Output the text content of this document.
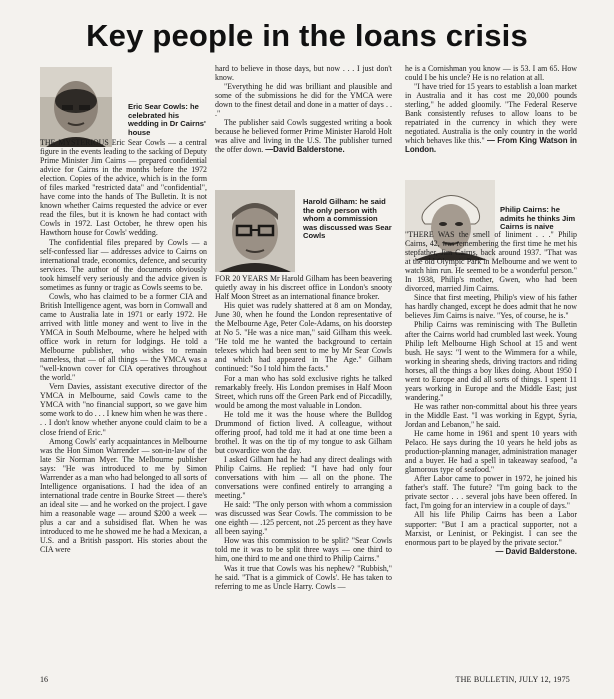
Key people in the loans crisis
Eric Sear Cowls: he celebrated his wedding in Dr Cairns' house

THE MYSTERIOUS Eric Sear Cowls — a central figure in the events leading to the sacking of Deputy Prime Minister Jim Cairns — prepared confidential advice for Cairns in the months before the 1972 election. Copies of the advice, which is in the form of files marked "restricted data" and "confidential", have come into the hands of The Bulletin. It is not known whether Cairns requested the advice or ever read the files, but it is known he had contact with Cowls in 1972. Last October, he threw open his Hawthorn house for Cowls' wedding.

The confidential files prepared by Cowls — a self-confessed liar — addresses advice to Cairns on international trade, economics, defence, and security services. The author of the documents obviously took himself very seriously and the advice given is sometimes as funny or tragic as Cowls seems to be.

Cowls, who has claimed to be a former CIA and British Intelligence agent, was born in Cornwall and came to Australia late in 1971 or early 1972. He arrived with little money and went to live in the YMCA in South Melbourne, where he helped with office work in return for lodgings. He told a Melbourne publisher, who wishes to remain nameless, that — of all things — the YMCA was a "well-known cover for CIA operatives throughout the world."

Vern Davies, assistant executive director of the YMCA in Melbourne, said Cowls came to the YMCA with "no financial support, so we gave him some work to do . . . I knew him when he was there . . . I don't know whether anyone could claim to be a close friend of Eric."

Among Cowls' early acquaintances in Melbourne was the Hon Simon Warrender — son-in-law of the late Sir Norman Myer. The Melbourne publisher says: "He was introduced to me by Simon Warrender as a man who had belonged to all sorts of Intelligence organisations. I had the idea of an international trade centre in Bourke Street — there's an ideal site — and he worked on the project. I gave him a reasonable wage — around $200 a week — plus a car and a subsidised flat. When he was introduced to me he showed me he had a Mexican, a U.S. and a British passport. His stories about the CIA were

hard to believe in those days, but now . . . I just don't know.

"Everything he did was brilliant and plausible and some of the submissions he did for the YMCA were down to the finest detail and done in a matter of days . . ."

The publisher said Cowls suggested writing a book because he believed former Prime Minister Harold Holt was alive and living in the U.S. The publisher turned the offer down. —David Balderstone.

Harold Gilham: he said the only person with whom a commission was discussed was Sear Cowls

FOR 20 YEARS Mr Harold Gilham has been beavering quietly away in his discreet office in London's snooty Half Moon Street as an international finance broker.

His quiet was rudely shattered at 8 am on Monday, June 30, when he found the London representative of the Melbourne Age, Peter Cole-Adams, on his doorstep at No 5. "He was a nice man," said Gilham this week. "He told me he wanted the background to certain telexes which had been sent to me by Mr Sear Cowls and which had appeared in The Age." Gilham continued: "So I told him the facts."

For a man who has sold exclusive rights he talked remarkably freely. His London premises in Half Moon Street, which runs off the Green Park end of Piccadilly, would be among the most valuable in London.

He told me it was the house where the Bulldog Drummond of fiction lived. A colleague, without offering proof, had told me it had at one time been a brothel. It was on the tip of my tongue to ask Gilham but cowardice won the day.

I asked Gilham had he had any direct dealings with Philip Cairns. He replied: "I have had only four conversations with him — all on the phone. The conversations were confined entirely to arranging a meeting."

He said: "The only person with whom a commission was discussed was Sear Cowls. The commission to be one eighth — .125 percent, not .25 percent as they have all been saying."

How was this commission to be split? "Sear Cowls told me it was to be split three ways — one third to him, one third to me and one third to Philip Cairns."

Was it true that Cowls was his nephew? "Rubbish," he said. "That is a gimmick of Cowls'. He has taken to referring to me as Uncle Harry. Cowls —

he is a Cornishman you know — is 53. I am 65. How could I be his uncle? He is no relation at all.

"I have tried for 15 years to establish a loan market in Australia and it has cost me 20,000 pounds sterling," he added gloomily. "The Federal Reserve Bank consistently refuses to allow loans to be repatriated in the currency in which they were negotiated. Australia is the only country in the world which behaves like this." — From King Watson in London.

Philip Cairns: he admits he thinks Jim Cairns is naive

"THERE WAS the smell of liniment . . ." Philip Cairns, 42, was remembering the first time he met his stepfather, Jim Cairns, back around 1937. "That was at the old Olympic Park in Melbourne and we went to watch him run. He seemed to be a wonderful person." In 1938, Philip's mother, Gwen, who had been divorced, married Jim Cairns.

Since that first meeting, Philip's view of his father has hardly changed, except he does admit that he now believes Jim Cairns is naive. "Yes, of course, he is."

Philip Cairns was reminiscing with The Bulletin after the Cairns world had crumbled last week. Young Philip left Melbourne High School at 15 and went bush. He says: "I went to the Wimmera for a while, working in shearing sheds, driving tractors and riding horses, all the things a boy likes doing. About 1950 I went to Europe and did all sorts of things. I spent 11 years working in Europe and the Middle East; just wandering."

He was rather non-committal about his three years in the Middle East. "I was working in Egypt, Syria, Jordan and Lebanon," he said.

He came home in 1961 and spent 10 years with Pelaco. He says during the 10 years he held jobs as production-planning manager, administration manager and a buyer. He had a spell in takeaway seafood, "a glamorous type of seafood."

After Labor came to power in 1972, he joined his father's staff. The future? "I'm going back to the private sector . . . several jobs have been offered. In fact, I'm going for an interview in a couple of days."

All his life Philip Cairns has been a Labor supporter: "But I am a practical supporter, not a Marxist, or Leninist, or Pekingist. I can see the enormous part to be played by the private sector."

— David Balderstone.

16	THE BULLETIN, JULY 12, 1975
